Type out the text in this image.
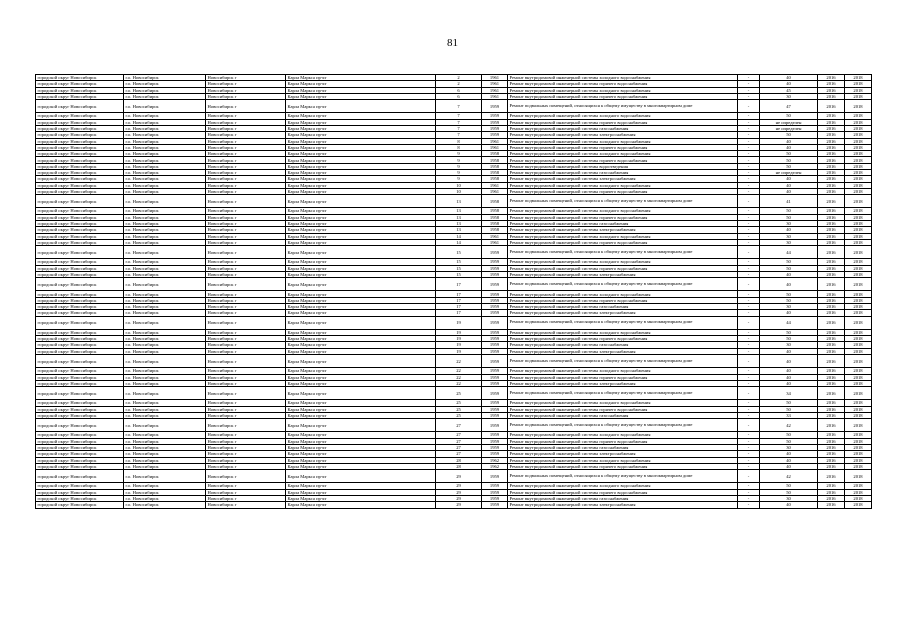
81
городской округ Новосибирск	г.о. Новосибирск	Новосибирск г	Карла Маркса пр-кт	2	1961	Ремонт внутридомовой инженерной системы холодного водоснабжения	-	40	2016	2018
городской округ Новосибирск	г.о. Новосибирск	Новосибирск г	Карла Маркса пр-кт	2	1961	Ремонт внутридомовой инженерной системы горячего водоснабжения	-	40	2016	2018
городской округ Новосибирск	г.о. Новосибирск	Новосибирск г	Карла Маркса пр-кт	6	1961	Ремонт внутридомовой инженерной системы холодного водоснабжения	-	45	2016	2018
городской округ Новосибирск	г.о. Новосибирск	Новосибирск г	Карла Маркса пр-кт	6	1961	Ремонт внутридомовой инженерной системы горячего водоснабжения	-	30	2016	2018
городской округ Новосибирск	г.о. Новосибирск	Новосибирск г	Карла Маркса пр-кт	7	1959	Ремонт подвальных помещений, относящихся к общему имуществу в многоквартирном доме	-	47	2016	2018
городской округ Новосибирск	г.о. Новосибирск	Новосибирск г	Карла Маркса пр-кт	7	1959	Ремонт внутридомовой инженерной системы холодного водоснабжения	-	50	2016	2018
городской округ Новосибирск	г.о. Новосибирск	Новосибирск г	Карла Маркса пр-кт	7	1959	Ремонт внутридомовой инженерной системы горячего водоснабжения	-	не определен	2016	2018
городской округ Новосибирск	г.о. Новосибирск	Новосибирск г	Карла Маркса пр-кт	7	1959	Ремонт внутридомовой инженерной системы газоснабжения	-	не определен	2016	2018
городской округ Новосибирск	г.о. Новосибирск	Новосибирск г	Карла Маркса пр-кт	7	1959	Ремонт внутридомовой инженерной системы электроснабжения	-	50	2016	2018
городской округ Новосибирск	г.о. Новосибирск	Новосибирск г	Карла Маркса пр-кт	8	1961	Ремонт внутридомовой инженерной системы холодного водоснабжения	-	40	2016	2018
городской округ Новосибирск	г.о. Новосибирск	Новосибирск г	Карла Маркса пр-кт	8	1961	Ремонт внутридомовой инженерной системы горячего водоснабжения	-	40	2016	2018
городской округ Новосибирск	г.о. Новосибирск	Новосибирск г	Карла Маркса пр-кт	9	1958	Ремонт внутридомовой инженерной системы холодного водоснабжения	-	50	2016	2018
городской округ Новосибирск	г.о. Новосибирск	Новосибирск г	Карла Маркса пр-кт	9	1958	Ремонт внутридомовой инженерной системы горячего водоснабжения	-	50	2016	2018
городской округ Новосибирск	г.о. Новосибирск	Новосибирск г	Карла Маркса пр-кт	9	1958	Ремонт внутридомовой инженерной системы водоотведения	-	50	2016	2018
городской округ Новосибирск	г.о. Новосибирск	Новосибирск г	Карла Маркса пр-кт	9	1958	Ремонт внутридомовой инженерной системы газоснабжения	-	не определен	2016	2018
городской округ Новосибирск	г.о. Новосибирск	Новосибирск г	Карла Маркса пр-кт	9	1958	Ремонт внутридомовой инженерной системы электроснабжения	-	40	2016	2018
городской округ Новосибирск	г.о. Новосибирск	Новосибирск г	Карла Маркса пр-кт	10	1961	Ремонт внутридомовой инженерной системы холодного водоснабжения	-	40	2016	2018
городской округ Новосибирск	г.о. Новосибирск	Новосибирск г	Карла Маркса пр-кт	10	1961	Ремонт внутридомовой инженерной системы горячего водоснабжения	-	40	2016	2018
городской округ Новосибирск	г.о. Новосибирск	Новосибирск г	Карла Маркса пр-кт	13	1958	Ремонт подвальных помещений, относящихся к общему имуществу в многоквартирном доме	-	41	2016	2018
городской округ Новосибирск	г.о. Новосибирск	Новосибирск г	Карла Маркса пр-кт	13	1958	Ремонт внутридомовой инженерной системы холодного водоснабжения	-	50	2016	2018
городской округ Новосибирск	г.о. Новосибирск	Новосибирск г	Карла Маркса пр-кт	13	1958	Ремонт внутридомовой инженерной системы горячего водоснабжения	-	50	2016	2018
городской округ Новосибирск	г.о. Новосибирск	Новосибирск г	Карла Маркса пр-кт	13	1958	Ремонт внутридомовой инженерной системы газоснабжения	-	30	2016	2018
городской округ Новосибирск	г.о. Новосибирск	Новосибирск г	Карла Маркса пр-кт	13	1958	Ремонт внутридомовой инженерной системы электроснабжения	-	40	2016	2018
городской округ Новосибирск	г.о. Новосибирск	Новосибирск г	Карла Маркса пр-кт	14	1961	Ремонт внутридомовой инженерной системы холодного водоснабжения	-	30	2016	2018
городской округ Новосибирск	г.о. Новосибирск	Новосибирск г	Карла Маркса пр-кт	14	1961	Ремонт внутридомовой инженерной системы горячего водоснабжения	-	30	2016	2018
городской округ Новосибирск	г.о. Новосибирск	Новосибирск г	Карла Маркса пр-кт	15	1959	Ремонт подвальных помещений, относящихся к общему имуществу в многоквартирном доме	-	44	2016	2018
городской округ Новосибирск	г.о. Новосибирск	Новосибирск г	Карла Маркса пр-кт	15	1959	Ремонт внутридомовой инженерной системы холодного водоснабжения	-	50	2016	2018
городской округ Новосибирск	г.о. Новосибирск	Новосибирск г	Карла Маркса пр-кт	15	1959	Ремонт внутридомовой инженерной системы горячего водоснабжения	-	50	2016	2018
городской округ Новосибирск	г.о. Новосибирск	Новосибирск г	Карла Маркса пр-кт	15	1959	Ремонт внутридомовой инженерной системы электроснабжения	-	40	2016	2018
городской округ Новосибирск	г.о. Новосибирск	Новосибирск г	Карла Маркса пр-кт	17	1959	Ремонт подвальных помещений, относящихся к общему имуществу в многоквартирном доме	-	40	2016	2018
городской округ Новосибирск	г.о. Новосибирск	Новосибирск г	Карла Маркса пр-кт	17	1959	Ремонт внутридомовой инженерной системы холодного водоснабжения	-	50	2016	2018
городской округ Новосибирск	г.о. Новосибирск	Новосибирск г	Карла Маркса пр-кт	17	1959	Ремонт внутридомовой инженерной системы горячего водоснабжения	-	50	2016	2018
городской округ Новосибирск	г.о. Новосибирск	Новосибирск г	Карла Маркса пр-кт	17	1959	Ремонт внутридомовой инженерной системы газоснабжения	-	30	2016	2018
городской округ Новосибирск	г.о. Новосибирск	Новосибирск г	Карла Маркса пр-кт	17	1959	Ремонт внутридомовой инженерной системы электроснабжения	-	40	2016	2018
городской округ Новосибирск	г.о. Новосибирск	Новосибирск г	Карла Маркса пр-кт	19	1959	Ремонт подвальных помещений, относящихся к общему имуществу в многоквартирном доме	-	44	2016	2018
городской округ Новосибирск	г.о. Новосибирск	Новосибирск г	Карла Маркса пр-кт	19	1959	Ремонт внутридомовой инженерной системы холодного водоснабжения	-	50	2016	2018
городской округ Новосибирск	г.о. Новосибирск	Новосибирск г	Карла Маркса пр-кт	19	1959	Ремонт внутридомовой инженерной системы горячего водоснабжения	-	50	2016	2018
городской округ Новосибирск	г.о. Новосибирск	Новосибирск г	Карла Маркса пр-кт	19	1959	Ремонт внутридомовой инженерной системы газоснабжения	-	30	2016	2018
городской округ Новосибирск	г.о. Новосибирск	Новосибирск г	Карла Маркса пр-кт	19	1959	Ремонт внутридомовой инженерной системы электроснабжения	-	40	2016	2018
городской округ Новосибирск	г.о. Новосибирск	Новосибирск г	Карла Маркса пр-кт	22	1959	Ремонт подвальных помещений, относящихся к общему имуществу в многоквартирном доме	-	40	2016	2018
городской округ Новосибирск	г.о. Новосибирск	Новосибирск г	Карла Маркса пр-кт	22	1959	Ремонт внутридомовой инженерной системы холодного водоснабжения	-	40	2016	2018
городской округ Новосибирск	г.о. Новосибирск	Новосибирск г	Карла Маркса пр-кт	22	1959	Ремонт внутридомовой инженерной системы горячего водоснабжения	-	40	2016	2018
городской округ Новосибирск	г.о. Новосибирск	Новосибирск г	Карла Маркса пр-кт	22	1959	Ремонт внутридомовой инженерной системы электроснабжения	-	40	2016	2018
городской округ Новосибирск	г.о. Новосибирск	Новосибирск г	Карла Маркса пр-кт	25	1959	Ремонт подвальных помещений, относящихся к общему имуществу в многоквартирном доме	-	34	2016	2018
городской округ Новосибирск	г.о. Новосибирск	Новосибирск г	Карла Маркса пр-кт	25	1959	Ремонт внутридомовой инженерной системы холодного водоснабжения	-	50	2016	2018
городской округ Новосибирск	г.о. Новосибирск	Новосибирск г	Карла Маркса пр-кт	25	1959	Ремонт внутридомовой инженерной системы горячего водоснабжения	-	50	2016	2018
городской округ Новосибирск	г.о. Новосибирск	Новосибирск г	Карла Маркса пр-кт	25	1959	Ремонт внутридомовой инженерной системы газоснабжения	-	33	2016	2018
городской округ Новосибирск	г.о. Новосибирск	Новосибирск г	Карла Маркса пр-кт	27	1959	Ремонт подвальных помещений, относящихся к общему имуществу в многоквартирном доме	-	42	2016	2018
городской округ Новосибирск	г.о. Новосибирск	Новосибирск г	Карла Маркса пр-кт	27	1959	Ремонт внутридомовой инженерной системы холодного водоснабжения	-	50	2016	2018
городской округ Новосибирск	г.о. Новосибирск	Новосибирск г	Карла Маркса пр-кт	27	1959	Ремонт внутридомовой инженерной системы горячего водоснабжения	-	50	2016	2018
городской округ Новосибирск	г.о. Новосибирск	Новосибирск г	Карла Маркса пр-кт	27	1959	Ремонт внутридомовой инженерной системы газоснабжения	-	30	2016	2018
городской округ Новосибирск	г.о. Новосибирск	Новосибирск г	Карла Маркса пр-кт	27	1959	Ремонт внутридомовой инженерной системы электроснабжения	-	40	2016	2018
городской округ Новосибирск	г.о. Новосибирск	Новосибирск г	Карла Маркса пр-кт	28	1962	Ремонт внутридомовой инженерной системы холодного водоснабжения	-	40	2016	2018
городской округ Новосибирск	г.о. Новосибирск	Новосибирск г	Карла Маркса пр-кт	28	1962	Ремонт внутридомовой инженерной системы горячего водоснабжения	-	40	2016	2018
городской округ Новосибирск	г.о. Новосибирск	Новосибирск г	Карла Маркса пр-кт	29	1959	Ремонт подвальных помещений, относящихся к общему имуществу в многоквартирном доме	-	42	2016	2018
городской округ Новосибирск	г.о. Новосибирск	Новосибирск г	Карла Маркса пр-кт	29	1959	Ремонт внутридомовой инженерной системы холодного водоснабжения	-	50	2016	2018
городской округ Новосибирск	г.о. Новосибирск	Новосибирск г	Карла Маркса пр-кт	29	1959	Ремонт внутридомовой инженерной системы горячего водоснабжения	-	50	2016	2018
городской округ Новосибирск	г.о. Новосибирск	Новосибирск г	Карла Маркса пр-кт	29	1959	Ремонт внутридомовой инженерной системы газоснабжения	-	30	2016	2018
городской округ Новосибирск	г.о. Новосибирск	Новосибирск г	Карла Маркса пр-кт	29	1959	Ремонт внутридомовой инженерной системы электроснабжения	-	40	2016	2018
